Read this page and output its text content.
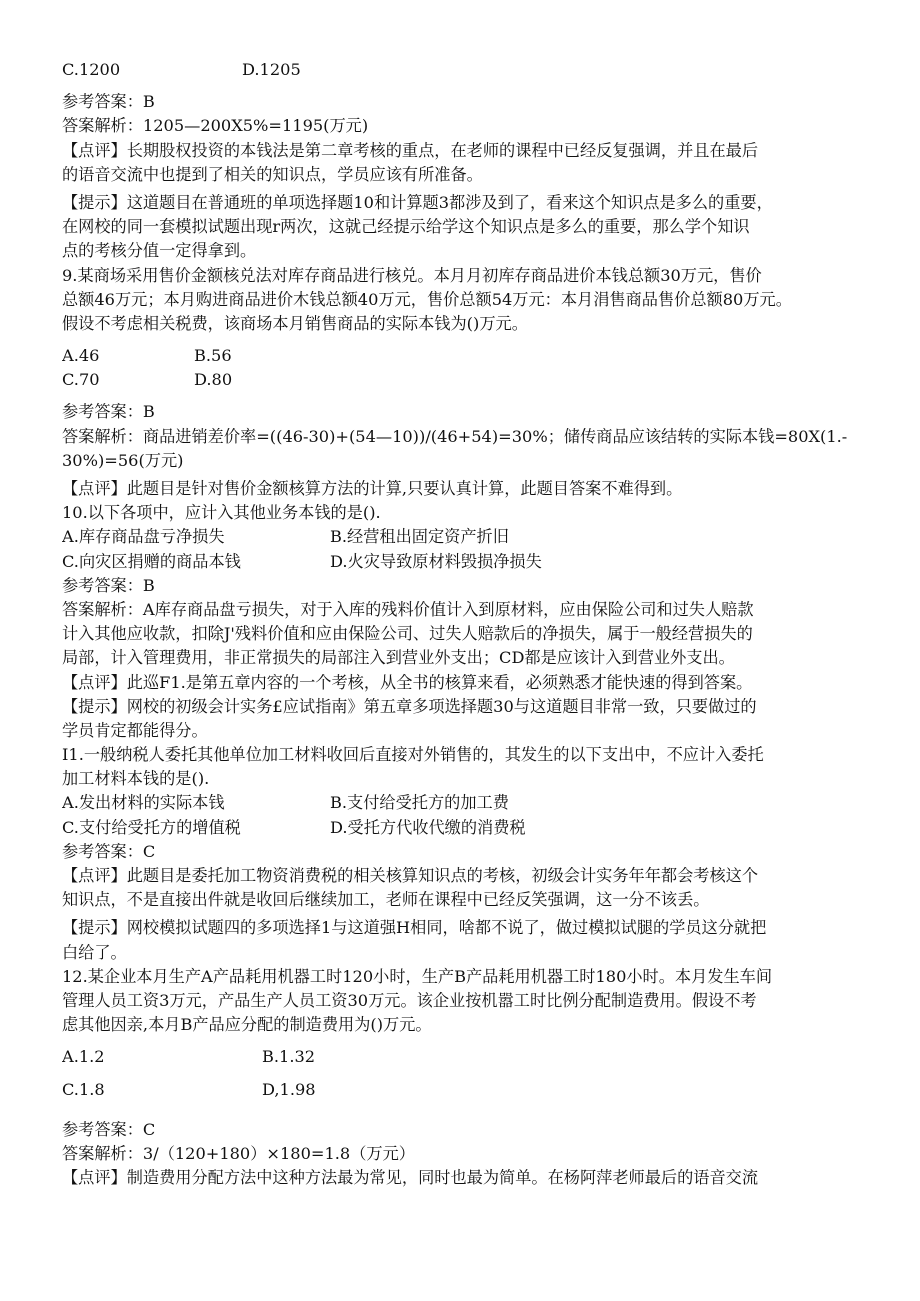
C.1200	D.1205
参考答案：B
答案解析：1205—200X5%=1195(万元)
【点评】长期股权投资的本钱法是第二章考核的重点，在老师的课程中已经反复强调，并且在最后
的语音交流中也提到了相关的知识点，学员应该有所准备。
【提示】这道题目在普通班的单项选择题10和计算题3都涉及到了，看来这个知识点是多么的重要，
在网校的同一套模拟试题出现r两次，这就己经提示给学这个知识点是多么的重要，那么学个知识
点的考核分值一定得拿到。
9.某商场采用售价金额核兑法对库存商品进行核兑。本月月初库存商品进价本钱总额30万元，售价
总额46万元；本月购进商品进价木钱总额40万元，售价总额54万元：本月涓售商品售价总额80万元。
假设不考虑相关税费，该商场本月销售商品的实际本钱为()万元。
A.46	B.56
C.70	D.80
参考答案：B
答案解析：商品进销差价率=((46-30)+(54—10))/(46+54)=30%；储传商品应该结转的实际本钱=80X(1.-
30%)=56(万元)
【点评】此题目是针对售价金额核算方法的计算,只要认真计算，此题目答案不难得到。
10.以下各项中，应计入其他业务本钱的是().
A.库存商品盘亏净损失	B.经营租出固定资产折旧
C.向灾区捐赠的商品本钱	D.火灾导致原材料毁损净损失
参考答案：B
答案解析：A库存商品盘亏损失，对于入库的残料价值计入到原材料，应由保险公司和过失人赔款
计入其他应收款，扣除J'残料价值和应由保险公司、过失人赔款后的净损失，属于一般经营损失的
局部，计入管理费用，非正常损失的局部注入到营业外支出；CD都是应该计入到营业外支出。
【点评】此巡F1.是第五章内容的一个考核，从全书的核算来看，必须熟悉才能快速的得到答案。
【提示】网校的初级会计实务£应试指南》第五章多项选择题30与这道题目非常一致，只要做过的
学员肯定都能得分。
I1.一般纳税人委托其他单位加工材料收回后直接对外销售的，其发生的以下支出中，不应计入委托
加工材料本钱的是().
A.发出材料的实际本钱	B.支付给受托方的加工费
C.支付给受托方的增值税	D.受托方代收代缴的消费税
参考答案：C
【点评】此题目是委托加工物资消费税的相关核算知识点的考核，初级会计实务年年都会考核这个
知识点，不是直接出件就是收回后继续加工，老师在课程中已经反笑强调，这一分不该丢。
【提示】网校模拟试题四的多项选择1与这道强H相同，啥都不说了，做过模拟试腿的学员这分就把
白给了。
12.某企业本月生产A产品耗用机器工时120小时，生产B产品耗用机器工时180小时。本月发生车间
管理人员工资3万元，产品生产人员工资30万元。该企业按机嚣工时比例分配制造费用。假设不考
虑其他因亲,本月B产品应分配的制造费用为()万元。
A.1.2	B.1.32
C.1.8	D,1.98
参考答案：C
答案解析：3/（120+180）×180=1.8（万元）
【点评】制造费用分配方法中这种方法最为常见，同时也最为简单。在杨阿萍老师最后的语音交流
